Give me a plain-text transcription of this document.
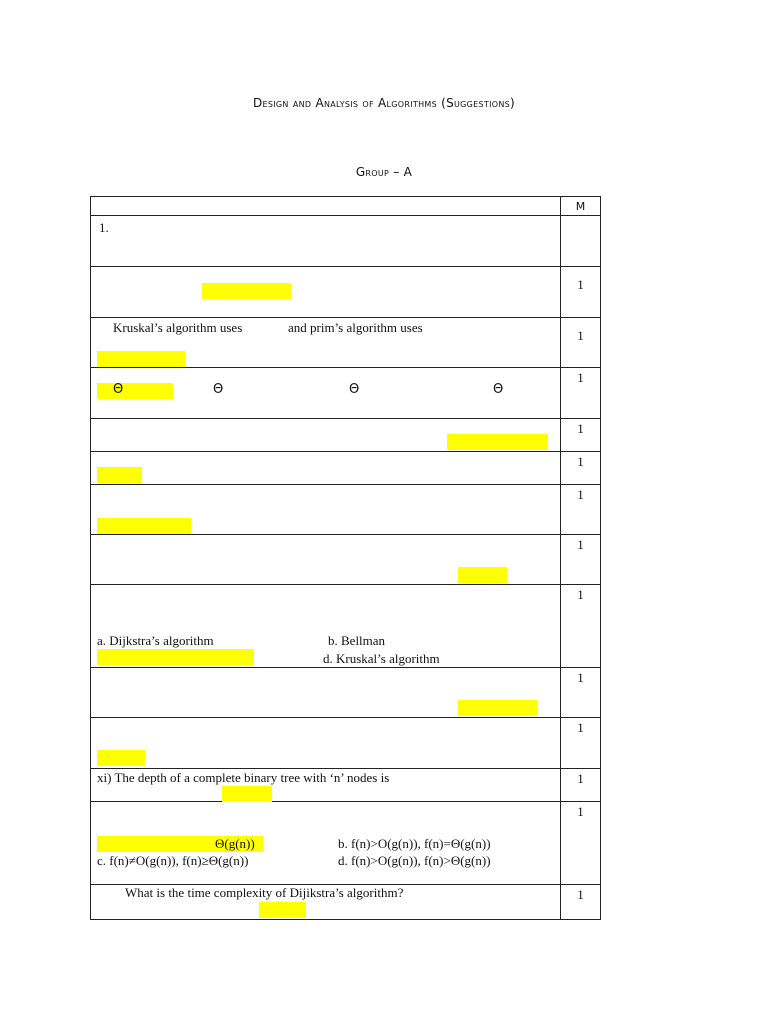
Design and Analysis of Algorithms (Suggestions)
Group – A

	M

1.	

	1

Kruskal’s algorithm uses and prim’s algorithm uses	1

Θ Θ Θ Θ	1

	1

	1

	1

	1

a. Dijkstra’s algorithm b. Bellman
d. Kruskal’s algorithm	1

	1

	1

xi) The depth of a complete binary tree with ‘n’ nodes is	1

Θ(g(n)) b. f(n)>O(g(n)), f(n)=Θ(g(n))
c. f(n)≠O(g(n)), f(n)≥Θ(g(n)) d. f(n)>O(g(n)), f(n)>Θ(g(n))	1

What is the time complexity of Dijikstra’s algorithm?	1
